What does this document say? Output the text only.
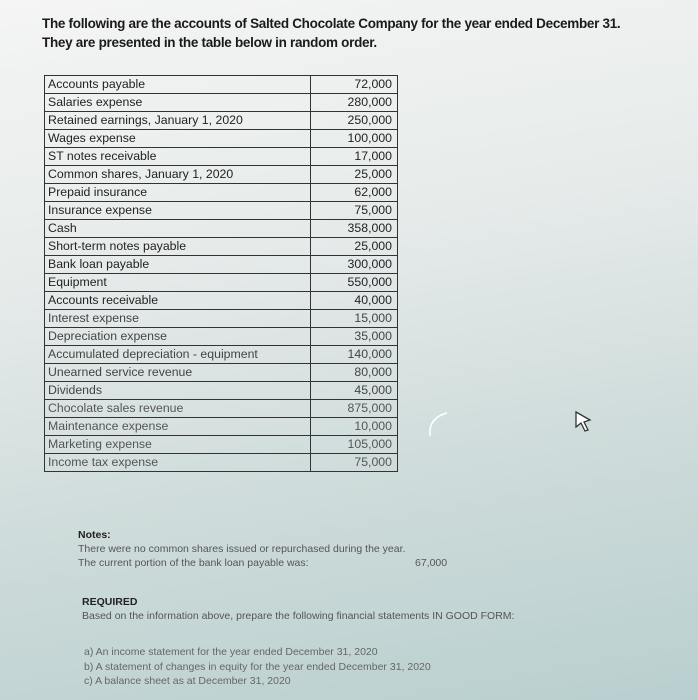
The following are the accounts of Salted Chocolate Company for the year ended December 31.
They are presented in the table below in random order.
Accounts payable	72,000
Salaries expense	280,000
Retained earnings, January 1, 2020	250,000
Wages expense	100,000
ST notes receivable	17,000
Common shares, January 1, 2020	25,000
Prepaid insurance	62,000
Insurance expense	75,000
Cash	358,000
Short-term notes payable	25,000
Bank loan payable	300,000
Equipment	550,000
Accounts receivable	40,000
Interest expense	15,000
Depreciation expense	35,000
Accumulated depreciation - equipment	140,000
Unearned service revenue	80,000
Dividends	45,000
Chocolate sales revenue	875,000
Maintenance expense	10,000
Marketing expense	105,000
Income tax expense	75,000
Notes:
There were no common shares issued or repurchased during the year.
The current portion of the bank loan payable was:	67,000
REQUIRED
Based on the information above, prepare the following financial statements IN GOOD FORM:
a) An income statement for the year ended December 31, 2020
b) A statement of changes in equity for the year ended December 31, 2020
c) A balance sheet as at December 31, 2020
